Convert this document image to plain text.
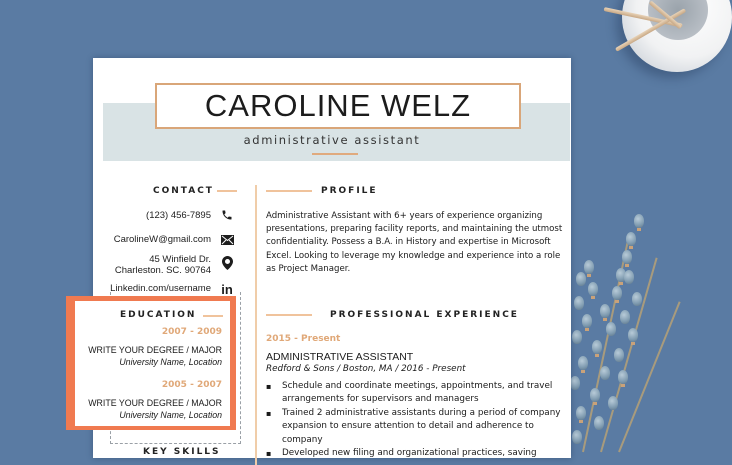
CAROLINE WELZ
administrative assistant
CONTACT
(123) 456-7895
CarolineW@gmail.com
45 Winfield Dr.
Charleston. SC. 90764
Linkedin.com/username in
KEY SKILLS
PROFILE
Administrative Assistant with 6+ years of experience organizing presentations, preparing facility reports, and maintaining the utmost confidentiality. Possess a B.A. in History and expertise in Microsoft Excel. Looking to leverage my knowledge and experience into a role as Project Manager.
PROFESSIONAL EXPERIENCE
2015 - Present
ADMINISTRATIVE ASSISTANT
Redford & Sons / Boston, MA / 2016 - Present
▪ Schedule and coordinate meetings, appointments, and travel arrangements for supervisors and managers
▪ Trained 2 administrative assistants during a period of company expansion to ensure attention to detail and adherence to company
▪ Developed new filing and organizational practices, saving
EDUCATION
2007 - 2009
WRITE YOUR DEGREE / MAJOR
University Name, Location
2005 - 2007
WRITE YOUR DEGREE / MAJOR
University Name, Location
